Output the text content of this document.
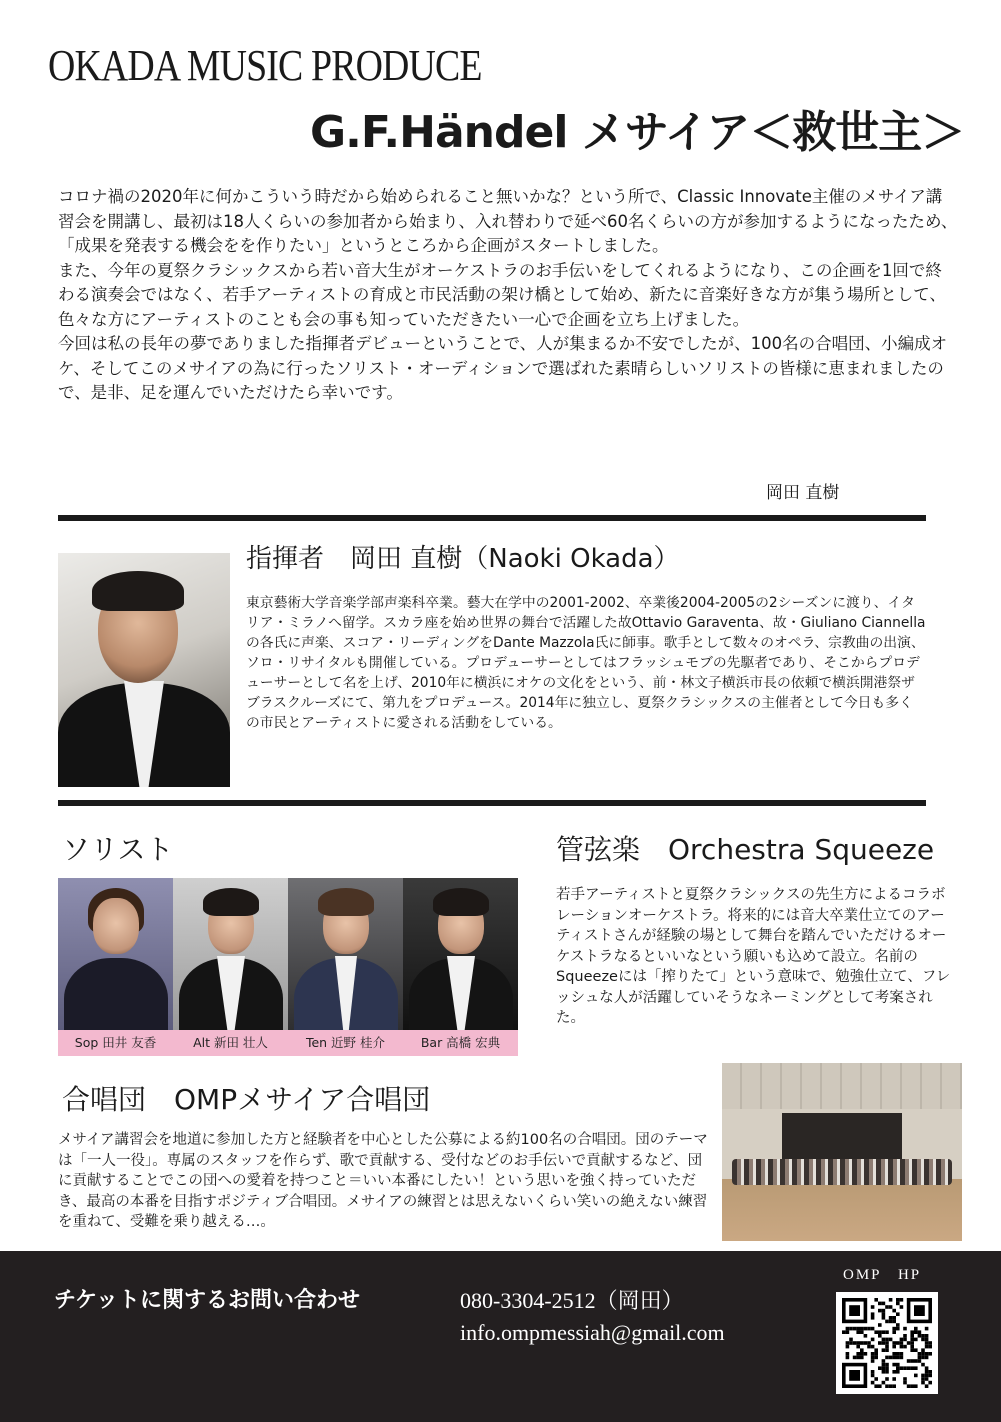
OKADA MUSIC PRODUCE
G.F.Händel メサイア＜救世主＞

コロナ禍の2020年に何かこういう時だから始められること無いかな？という所で、Classic Innovate主催のメサイア講習会を開講し、最初は18人くらいの参加者から始まり、入れ替わりで延べ60名くらいの方が参加するようになったため、「成果を発表する機会をを作りたい」というところから企画がスタートしました。

また、今年の夏祭クラシックスから若い音大生がオーケストラのお手伝いをしてくれるようになり、この企画を1回で終わる演奏会ではなく、若手アーティストの育成と市民活動の架け橋として始め、新たに音楽好きな方が集う場所として、色々な方にアーティストのことも会の事も知っていただきたい一心で企画を立ち上げました。

今回は私の長年の夢でありました指揮者デビューということで、人が集まるか不安でしたが、100名の合唱団、小編成オケ、そしてこのメサイアの為に行ったソリスト・オーディションで選ばれた素晴らしいソリストの皆様に恵まれましたので、是非、足を運んでいただけたら幸いです。

岡田 直樹
指揮者　岡田 直樹（Naoki Okada）
東京藝術大学音楽学部声楽科卒業。藝大在学中の2001-2002、卒業後2004-2005の2シーズンに渡り、イタリア・ミラノへ留学。スカラ座を始め世界の舞台で活躍した故Ottavio Garaventa、故・Giuliano Ciannellaの各氏に声楽、スコア・リーディングをDante Mazzola氏に師事。歌手として数々のオペラ、宗教曲の出演、ソロ・リサイタルも開催している。プロデューサーとしてはフラッシュモブの先駆者であり、そこからプロデューサーとして名を上げ、2010年に横浜にオケの文化をという、前・林文子横浜市長の依頼で横浜開港祭ザブラスクルーズにて、第九をプロデュース。2014年に独立し、夏祭クラシックスの主催者として今日も多くの市民とアーティストに愛される活動をしている。
ソリスト	管弦楽　Orchestra Squeeze
Sop 田井 友香	Alt 新田 壮人	Ten 近野 桂介	Bar 高橋 宏典
若手アーティストと夏祭クラシックスの先生方によるコラボレーションオーケストラ。将来的には音大卒業仕立てのアーティストさんが経験の場として舞台を踏んでいただけるオーケストラなるといいなという願いも込めて設立。名前のSqueezeには「搾りたて」という意味で、勉強仕立て、フレッシュな人が活躍していそうなネーミングとして考案された。
合唱団　OMPメサイア合唱団
メサイア講習会を地道に参加した方と経験者を中心とした公募による約100名の合唱団。団のテーマは「一人一役」。専属のスタッフを作らず、歌で貢献する、受付などのお手伝いで貢献するなど、団に貢献することでこの団への愛着を持つこと＝いい本番にしたい！という思いを強く持っていただき、最高の本番を目指すポジティブ合唱団。メサイアの練習とは思えないくらい笑いの絶えない練習を重ねて、受難を乗り越える…。
チケットに関するお問い合わせ	080-3304-2512（岡田）
info.ompmessiah@gmail.com
OMP　HP
